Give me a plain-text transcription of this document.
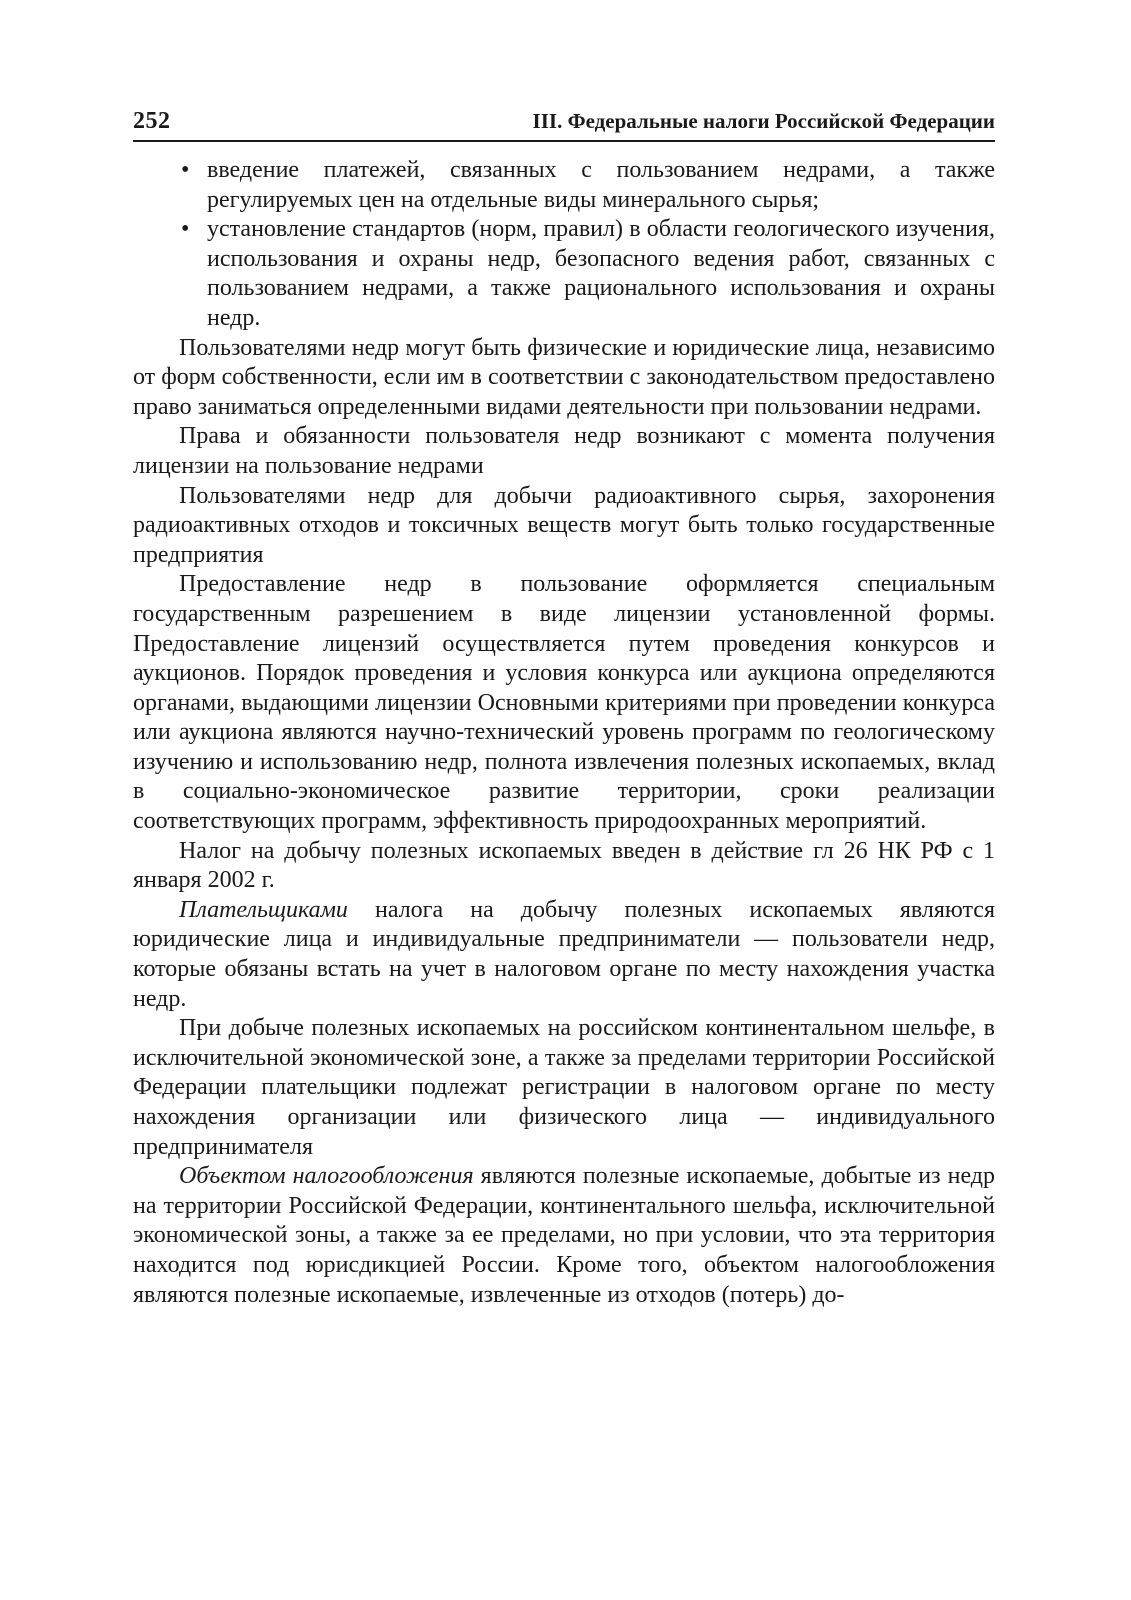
252	III. Федеральные налоги Российской Федерации
• введение платежей, связанных с пользованием недрами, а также регулируемых цен на отдельные виды минерального сырья;
• установление стандартов (норм, правил) в области геологического изучения, использования и охраны недр, безопасного ведения работ, связанных с пользованием недрами, а также рационального использования и охраны недр.

Пользователями недр могут быть физические и юридические лица, независимо от форм собственности, если им в соответствии с законодательством предоставлено право заниматься определенными видами деятельности при пользовании недрами.

Права и обязанности пользователя недр возникают с момента получения лицензии на пользование недрами

Пользователями недр для добычи радиоактивного сырья, захоронения радиоактивных отходов и токсичных веществ могут быть только государственные предприятия

Предоставление недр в пользование оформляется специальным государственным разрешением в виде лицензии установленной формы. Предоставление лицензий осуществляется путем проведения конкурсов и аукционов. Порядок проведения и условия конкурса или аукциона определяются органами, выдающими лицензии Основными критериями при проведении конкурса или аукциона являются научно-технический уровень программ по геологическому изучению и использованию недр, полнота извлечения полезных ископаемых, вклад в социально-экономическое развитие территории, сроки реализации соответствующих программ, эффективность природоохранных мероприятий.

Налог на добычу полезных ископаемых введен в действие гл 26 НК РФ с 1 января 2002 г.

Плательщиками налога на добычу полезных ископаемых являются юридические лица и индивидуальные предприниматели — пользователи недр, которые обязаны встать на учет в налоговом органе по месту нахождения участка недр.

При добыче полезных ископаемых на российском континентальном шельфе, в исключительной экономической зоне, а также за пределами территории Российской Федерации плательщики подлежат регистрации в налоговом органе по месту нахождения организации или физического лица — индивидуального предпринимателя

Объектом налогообложения являются полезные ископаемые, добытые из недр на территории Российской Федерации, континентального шельфа, исключительной экономической зоны, а также за ее пределами, но при условии, что эта территория находится под юрисдикцией России. Кроме того, объектом налогообложения являются полезные ископаемые, извлеченные из отходов (потерь) до-
